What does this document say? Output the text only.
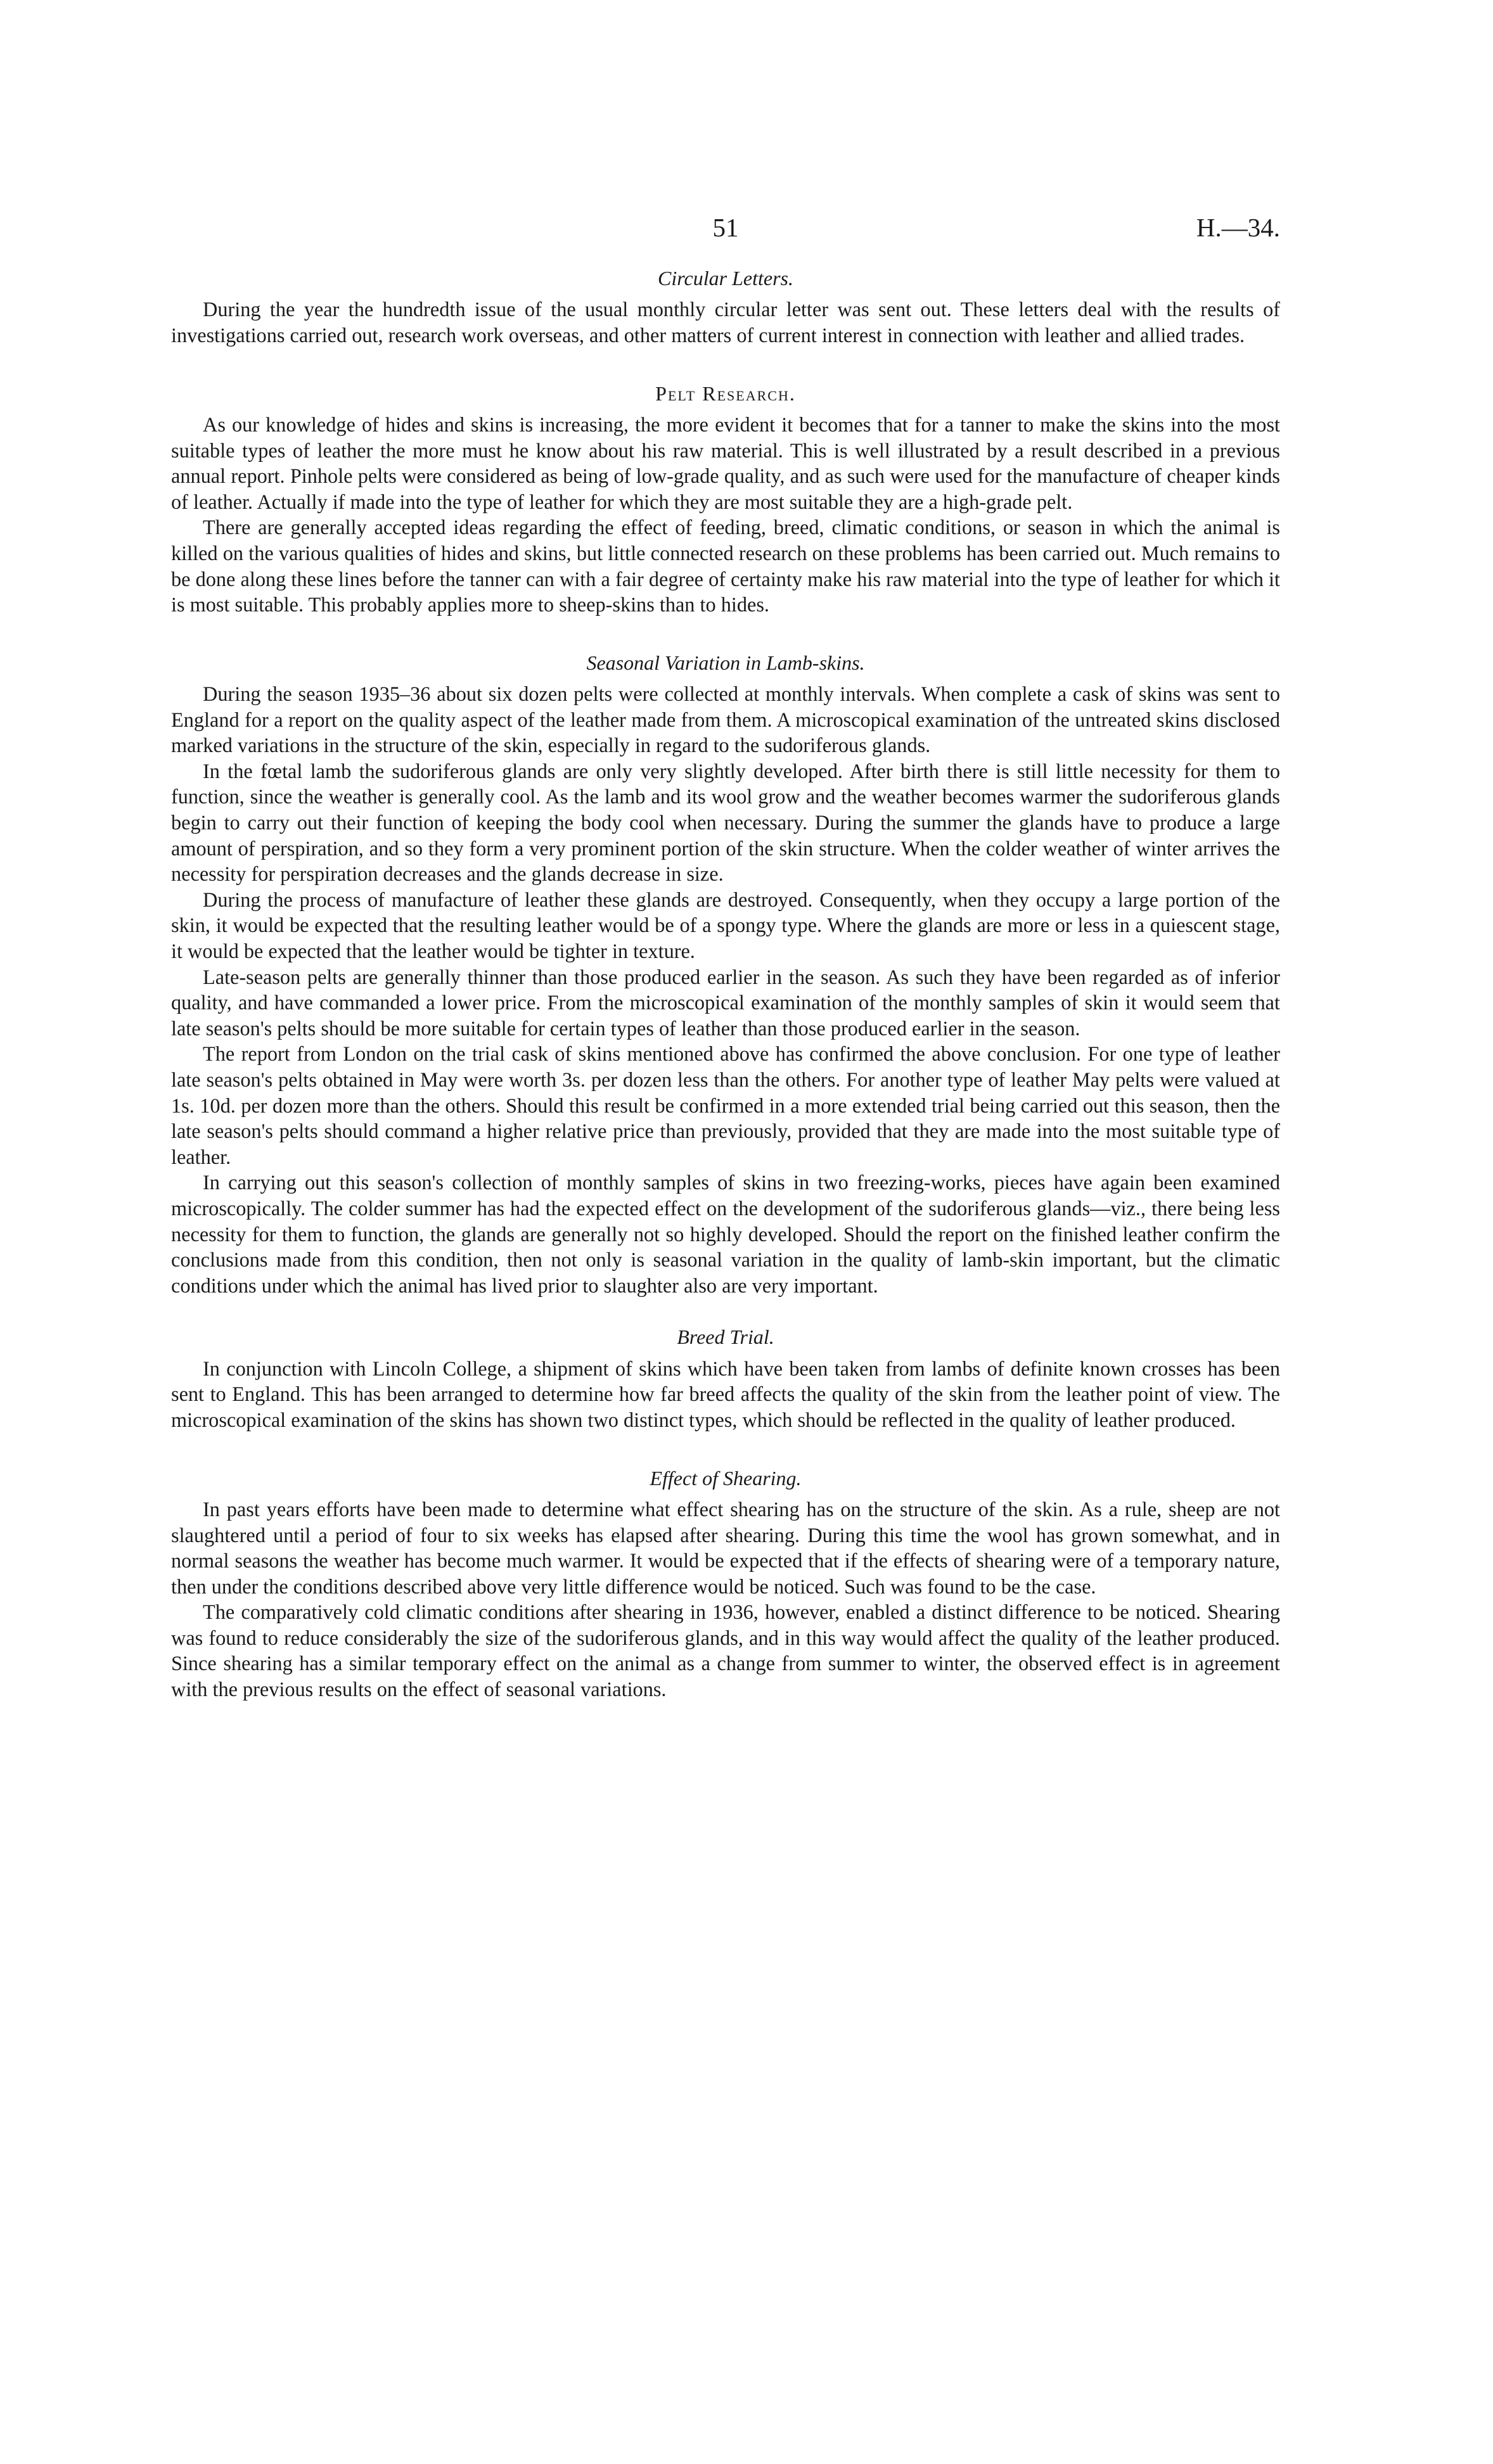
51	H.—34.
Circular Letters.

During the year the hundredth issue of the usual monthly circular letter was sent out. These letters deal with the results of investigations carried out, research work overseas, and other matters of current interest in connection with leather and allied trades.

Pelt Research.

As our knowledge of hides and skins is increasing, the more evident it becomes that for a tanner to make the skins into the most suitable types of leather the more must he know about his raw material. This is well illustrated by a result described in a previous annual report. Pinhole pelts were considered as being of low-grade quality, and as such were used for the manufacture of cheaper kinds of leather. Actually if made into the type of leather for which they are most suitable they are a high-grade pelt.

There are generally accepted ideas regarding the effect of feeding, breed, climatic conditions, or season in which the animal is killed on the various qualities of hides and skins, but little connected research on these problems has been carried out. Much remains to be done along these lines before the tanner can with a fair degree of certainty make his raw material into the type of leather for which it is most suitable. This probably applies more to sheep-skins than to hides.

Seasonal Variation in Lamb-skins.

During the season 1935–36 about six dozen pelts were collected at monthly intervals. When complete a cask of skins was sent to England for a report on the quality aspect of the leather made from them. A microscopical examination of the untreated skins disclosed marked variations in the structure of the skin, especially in regard to the sudoriferous glands.

In the fœtal lamb the sudoriferous glands are only very slightly developed. After birth there is still little necessity for them to function, since the weather is generally cool. As the lamb and its wool grow and the weather becomes warmer the sudoriferous glands begin to carry out their function of keeping the body cool when necessary. During the summer the glands have to produce a large amount of perspiration, and so they form a very prominent portion of the skin structure. When the colder weather of winter arrives the necessity for perspiration decreases and the glands decrease in size.

During the process of manufacture of leather these glands are destroyed. Consequently, when they occupy a large portion of the skin, it would be expected that the resulting leather would be of a spongy type. Where the glands are more or less in a quiescent stage, it would be expected that the leather would be tighter in texture.

Late-season pelts are generally thinner than those produced earlier in the season. As such they have been regarded as of inferior quality, and have commanded a lower price. From the microscopical examination of the monthly samples of skin it would seem that late season's pelts should be more suitable for certain types of leather than those produced earlier in the season.

The report from London on the trial cask of skins mentioned above has confirmed the above conclusion. For one type of leather late season's pelts obtained in May were worth 3s. per dozen less than the others. For another type of leather May pelts were valued at 1s. 10d. per dozen more than the others. Should this result be confirmed in a more extended trial being carried out this season, then the late season's pelts should command a higher relative price than previously, provided that they are made into the most suitable type of leather.

In carrying out this season's collection of monthly samples of skins in two freezing-works, pieces have again been examined microscopically. The colder summer has had the expected effect on the development of the sudoriferous glands—viz., there being less necessity for them to function, the glands are generally not so highly developed. Should the report on the finished leather confirm the conclusions made from this condition, then not only is seasonal variation in the quality of lamb-skin important, but the climatic conditions under which the animal has lived prior to slaughter also are very important.

Breed Trial.

In conjunction with Lincoln College, a shipment of skins which have been taken from lambs of definite known crosses has been sent to England. This has been arranged to determine how far breed affects the quality of the skin from the leather point of view. The microscopical examination of the skins has shown two distinct types, which should be reflected in the quality of leather produced.

Effect of Shearing.

In past years efforts have been made to determine what effect shearing has on the structure of the skin. As a rule, sheep are not slaughtered until a period of four to six weeks has elapsed after shearing. During this time the wool has grown somewhat, and in normal seasons the weather has become much warmer. It would be expected that if the effects of shearing were of a temporary nature, then under the conditions described above very little difference would be noticed. Such was found to be the case.

The comparatively cold climatic conditions after shearing in 1936, however, enabled a distinct difference to be noticed. Shearing was found to reduce considerably the size of the sudoriferous glands, and in this way would affect the quality of the leather produced. Since shearing has a similar temporary effect on the animal as a change from summer to winter, the observed effect is in agreement with the previous results on the effect of seasonal variations.
